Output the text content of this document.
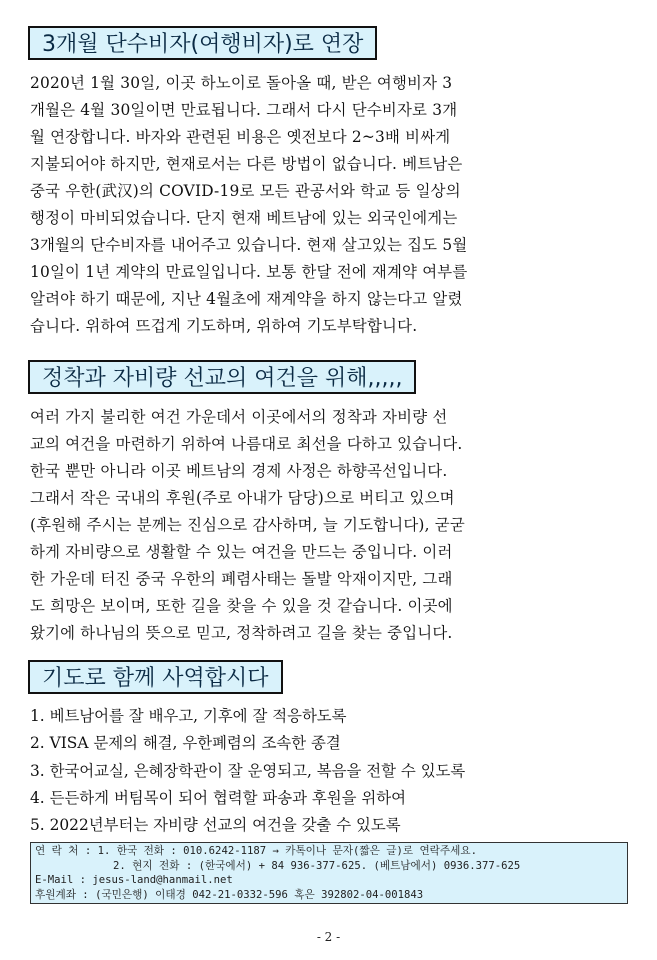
3개월 단수비자(여행비자)로 연장
2020년 1월 30일, 이곳 하노이로 돌아올 때, 받은 여행비자 3
개월은 4월 30일이면 만료됩니다. 그래서 다시 단수비자로 3개
월 연장합니다. 바자와 관련된 비용은 옛전보다 2~3배 비싸게
지불되어야 하지만, 현재로서는 다른 방법이 없습니다. 베트남은
중국 우한(武汉)의 COVID-19로 모든 관공서와 학교 등 일상의
행정이 마비되었습니다. 단지 현재 베트남에 있는 외국인에게는
3개월의 단수비자를 내어주고 있습니다. 현재 살고있는 집도 5월
10일이 1년 계약의 만료일입니다. 보통 한달 전에 재계약 여부를
알려야 하기 때문에, 지난 4월초에 재계약을 하지 않는다고 알렸
습니다. 위하여 뜨겁게 기도하며, 위하여 기도부탁합니다.
정착과 자비량 선교의 여건을 위해,,,,,
여러 가지 불리한 여건 가운데서 이곳에서의 정착과 자비량 선
교의 여건을 마련하기 위하여 나름대로 최선을 다하고 있습니다.
한국 뿐만 아니라 이곳 베트남의 경제 사정은 하향곡선입니다.
그래서 작은 국내의 후원(주로 아내가 담당)으로 버티고 있으며
(후원해 주시는 분께는 진심으로 감사하며, 늘 기도합니다), 굳굳
하게 자비량으로 생활할 수 있는 여건을 만드는 중입니다. 이러
한 가운데 터진 중국 우한의 폐렴사태는 돌발 악재이지만, 그래
도 희망은 보이며, 또한 길을 찾을 수 있을 것 같습니다. 이곳에
왔기에 하나님의 뜻으로 믿고, 정착하려고 길을 찾는 중입니다.
기도로 함께 사역합시다
1. 베트남어를 잘 배우고, 기후에 잘 적응하도록
2. VISA 문제의 해결, 우한폐렴의 조속한 종결
3. 한국어교실, 은혜장학관이 잘 운영되고, 복음을 전할 수 있도록
4. 든든하게 버팀목이 되어 협력할 파송과 후원을 위하여
5. 2022년부터는 자비량 선교의 여건을 갖출 수 있도록
연 락 처 : 1. 한국 전화 : 010.6242-1187 → 카톡이나 문자(짧은 글)로 연락주세요.
2. 현지 전화 : (한국에서) + 84 936-377-625. (베트남에서) 0936.377-625
E-Mail : jesus-land@hanmail.net
후원계좌 : (국민은행) 이태경 042-21-0332-596 혹은 392802-04-001843
- 2 -
